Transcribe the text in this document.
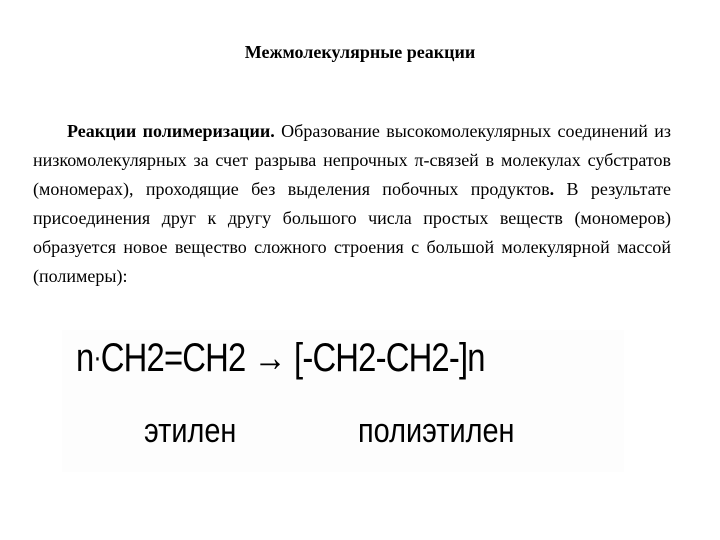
Межмолекулярные реакции
Реакции полимеризации. Образование высокомолекулярных соединений из низкомолекулярных за счет разрыва непрочных π-связей в молекулах субстратов (мономерах), проходящие без выделения побочных продуктов. В результате присоединения друг к другу большого числа простых веществ (мономеров) образуется новое вещество сложного строения с большой молекулярной массой (полимеры):
n·CH2=CH2 → [-CH2-CH2-]n
этилен	полиэтилен
